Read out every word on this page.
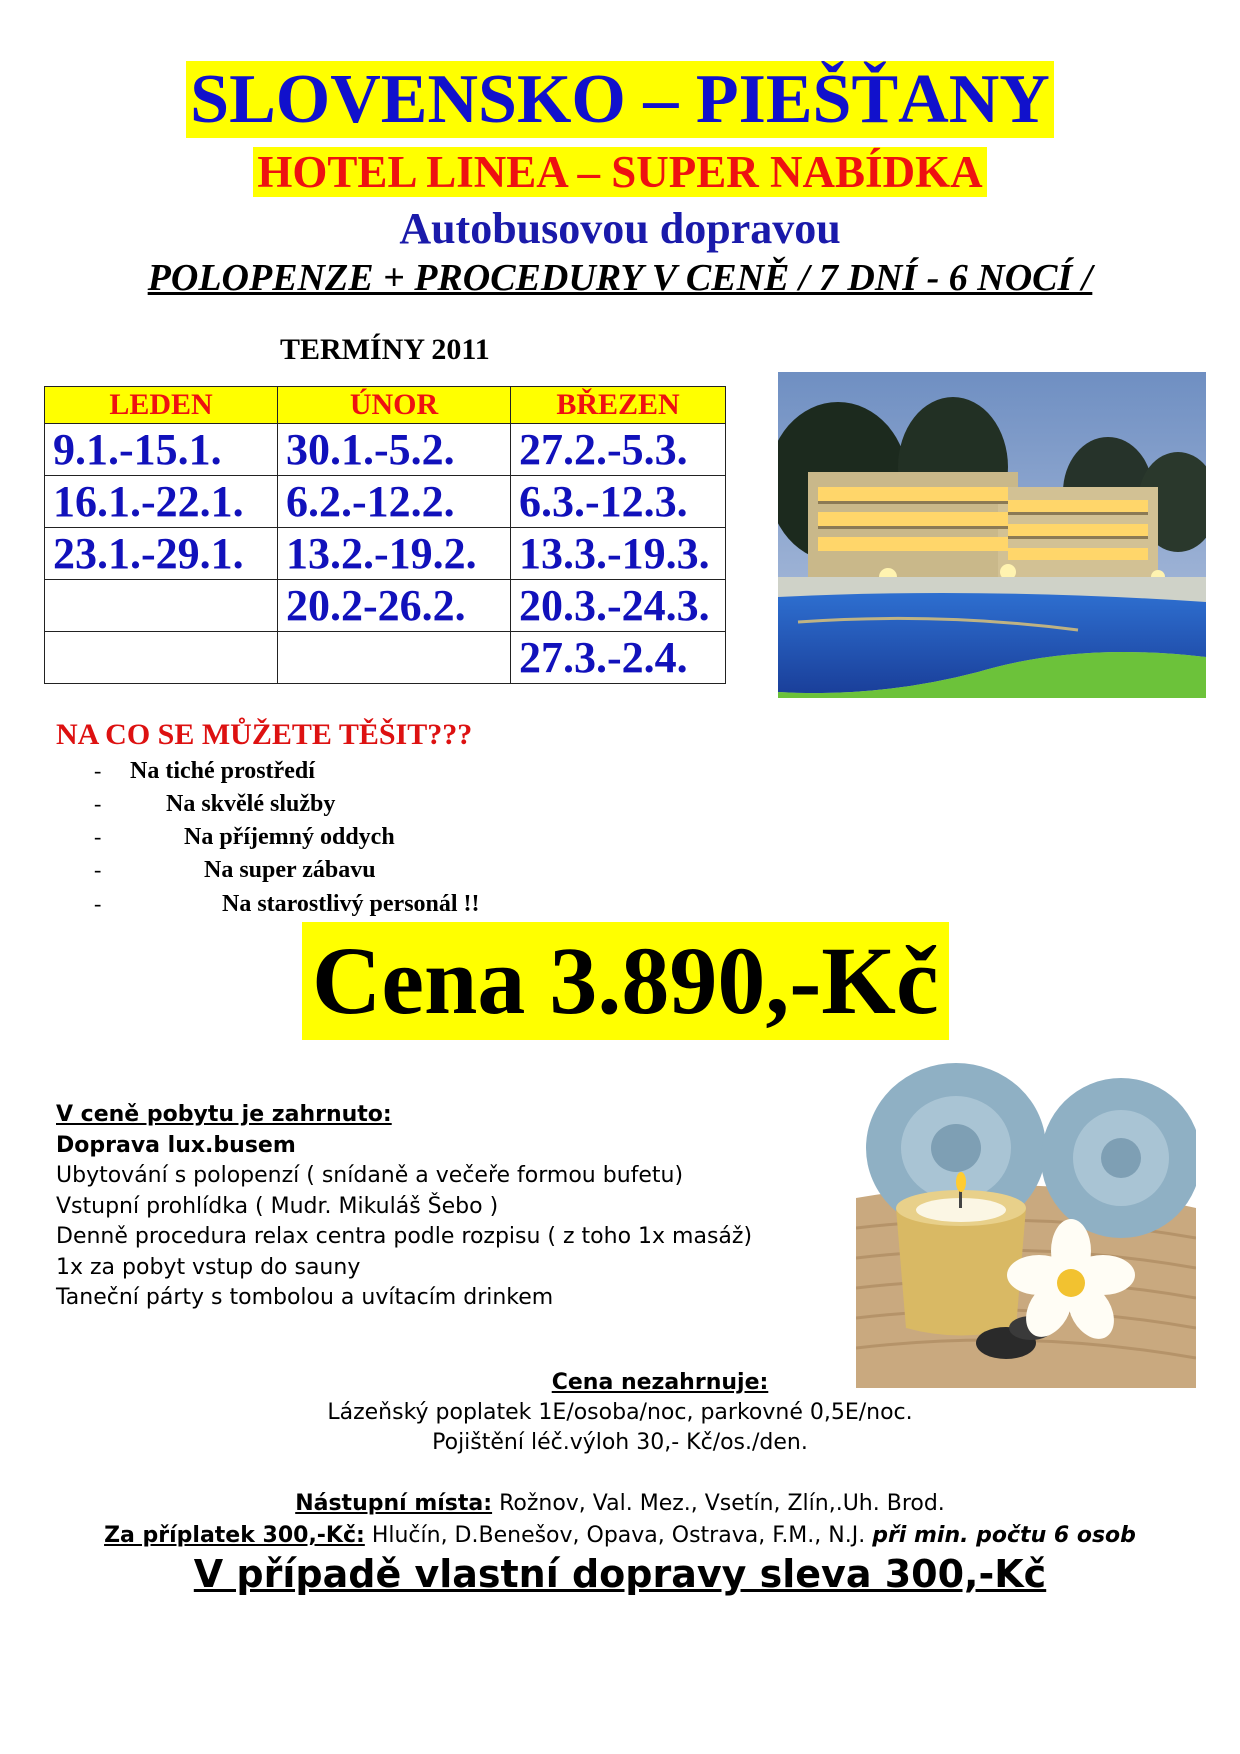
SLOVENSKO – PIEŠŤANY
HOTEL LINEA – SUPER NABÍDKA
Autobusovou dopravou
POLOPENZE + PROCEDURY V CENĚ / 7 DNÍ - 6 NOCÍ /
TERMÍNY 2011
LEDEN	ÚNOR	BŘEZEN
9.1.-15.1.	30.1.-5.2.	27.2.-5.3.
16.1.-22.1.	6.2.-12.2.	6.3.-12.3.
23.1.-29.1.	13.2.-19.2.	13.3.-19.3.
	20.2-26.2.	20.3.-24.3.
		27.3.-2.4.
NA CO SE MŮŽETE TĚŠIT???
- Na tiché prostředí
-	Na skvělé služby
-	Na příjemný oddych
-	Na super zábavu
-	Na starostlivý personál !!
Cena 3.890,-Kč
V ceně pobytu je zahrnuto:
Doprava lux.busem
Ubytování s polopenzí ( snídaně a večeře formou bufetu)
Vstupní prohlídka ( Mudr. Mikuláš Šebo )
Denně procedura relax centra podle rozpisu ( z toho 1x masáž)
1x za pobyt vstup do sauny
Taneční párty s tombolou a uvítacím drinkem
Cena nezahrnuje:
Lázeňský poplatek 1E/osoba/noc, parkovné 0,5E/noc.
Pojištění léč.výloh 30,- Kč/os./den.
Nástupní místa: Rožnov, Val. Mez., Vsetín, Zlín,.Uh. Brod.
Za příplatek 300,-Kč: Hlučín, D.Benešov, Opava, Ostrava, F.M., N.J. při min. počtu 6 osob
V případě vlastní dopravy sleva 300,-Kč
